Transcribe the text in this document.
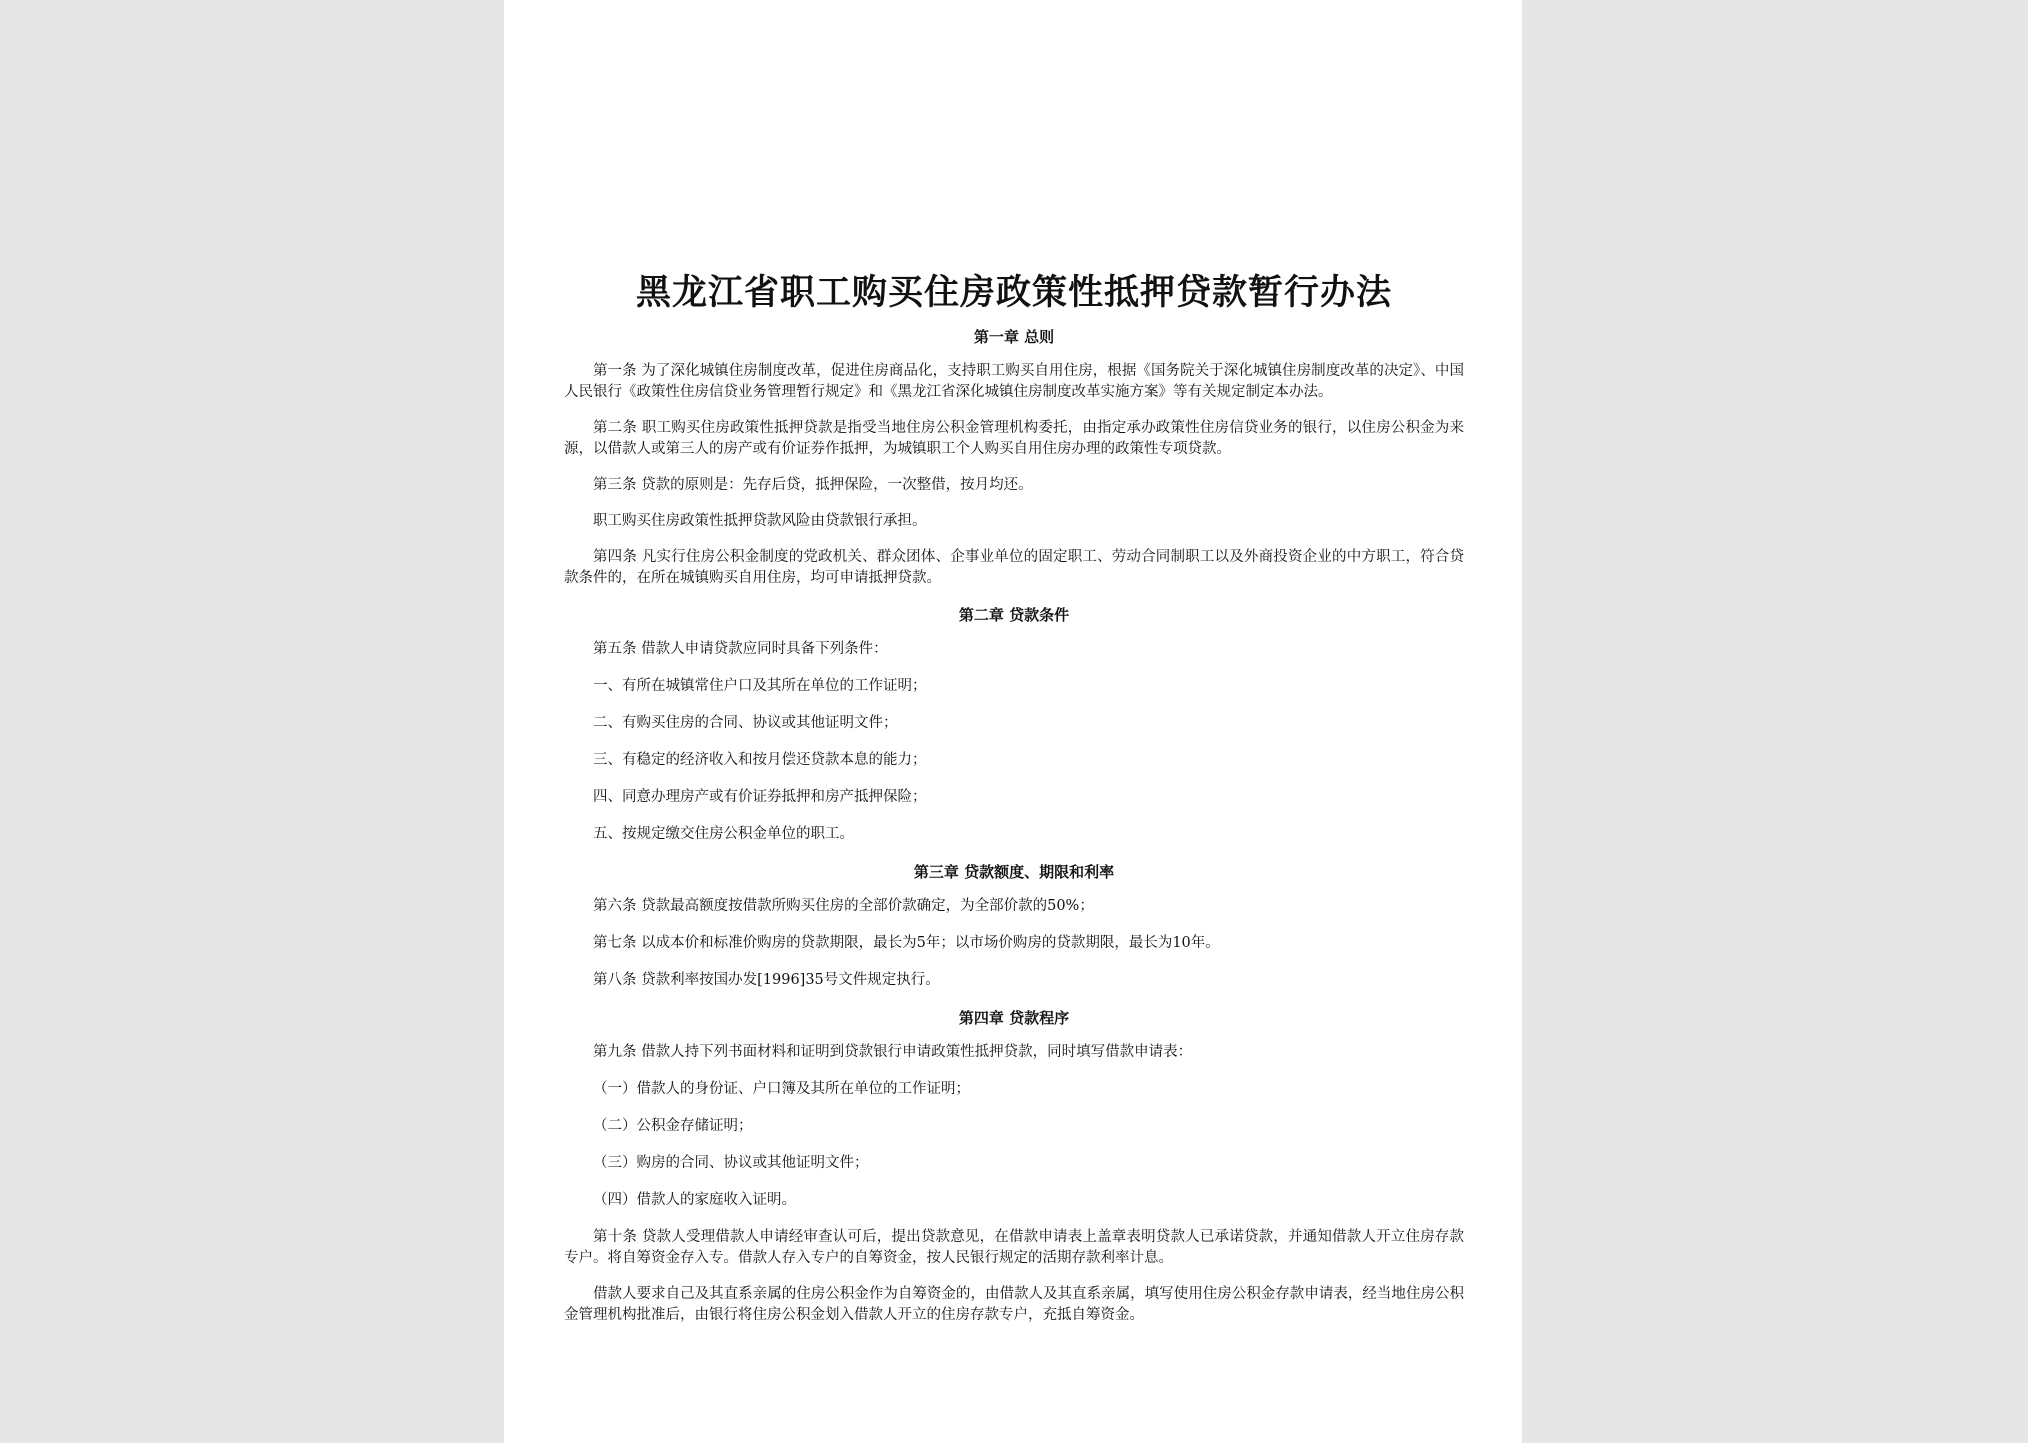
黑龙江省职工购买住房政策性抵押贷款暂行办法
第一章 总则

第一条 为了深化城镇住房制度改革，促进住房商品化，支持职工购买自用住房，根据《国务院关于深化城镇住房制度改革的决定》、中国人民银行《政策性住房信贷业务管理暂行规定》和《黑龙江省深化城镇住房制度改革实施方案》等有关规定制定本办法。

第二条 职工购买住房政策性抵押贷款是指受当地住房公积金管理机构委托，由指定承办政策性住房信贷业务的银行，以住房公积金为来源，以借款人或第三人的房产或有价证券作抵押，为城镇职工个人购买自用住房办理的政策性专项贷款。

第三条 贷款的原则是：先存后贷，抵押保险，一次整借，按月均还。

职工购买住房政策性抵押贷款风险由贷款银行承担。

第四条 凡实行住房公积金制度的党政机关、群众团体、企事业单位的固定职工、劳动合同制职工以及外商投资企业的中方职工，符合贷款条件的，在所在城镇购买自用住房，均可申请抵押贷款。

第二章 贷款条件

第五条 借款人申请贷款应同时具备下列条件：

一、有所在城镇常住户口及其所在单位的工作证明；

二、有购买住房的合同、协议或其他证明文件；

三、有稳定的经济收入和按月偿还贷款本息的能力；

四、同意办理房产或有价证券抵押和房产抵押保险；

五、按规定缴交住房公积金单位的职工。

第三章 贷款额度、期限和利率

第六条 贷款最高额度按借款所购买住房的全部价款确定，为全部价款的50%；

第七条 以成本价和标准价购房的贷款期限，最长为5年；以市场价购房的贷款期限，最长为10年。

第八条 贷款利率按国办发[1996]35号文件规定执行。

第四章 贷款程序

第九条 借款人持下列书面材料和证明到贷款银行申请政策性抵押贷款，同时填写借款申请表：

（一）借款人的身份证、户口簿及其所在单位的工作证明；

（二）公积金存储证明；

（三）购房的合同、协议或其他证明文件；

（四）借款人的家庭收入证明。

第十条 贷款人受理借款人申请经审查认可后，提出贷款意见，在借款申请表上盖章表明贷款人已承诺贷款，并通知借款人开立住房存款专户。将自筹资金存入专。借款人存入专户的自筹资金，按人民银行规定的活期存款利率计息。

借款人要求自己及其直系亲属的住房公积金作为自筹资金的，由借款人及其直系亲属，填写使用住房公积金存款申请表，经当地住房公积金管理机构批准后，由银行将住房公积金划入借款人开立的住房存款专户，充抵自筹资金。
